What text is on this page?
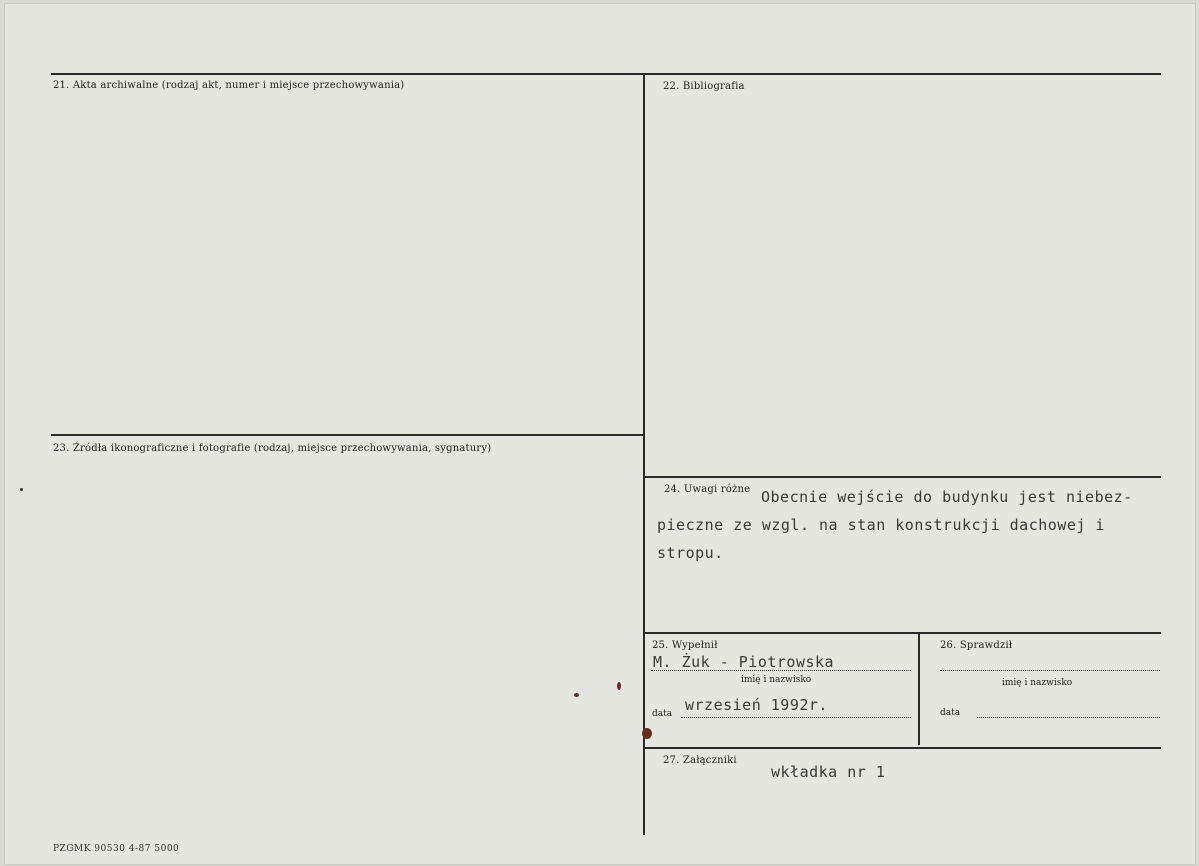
21. Akta archiwalne (rodzaj akt, numer i miejsce przechowywania)	22. Bibliografia
23. Źródła ikonograficzne i fotografie (rodzaj, miejsce przechowywania, sygnatury)
24. Uwagi różne Obecnie wejście do budynku jest niebez-
pieczne ze wzgl. na stan konstrukcji dachowej i
stropu.
25. Wypełnił
M. Żuk - Piotrowska
imię i nazwisko
data wrzesień 1992r.
26. Sprawdził
imię i nazwisko
data
27. Załączniki
wkładka nr 1
PZGMK 90530 4-87 5000
